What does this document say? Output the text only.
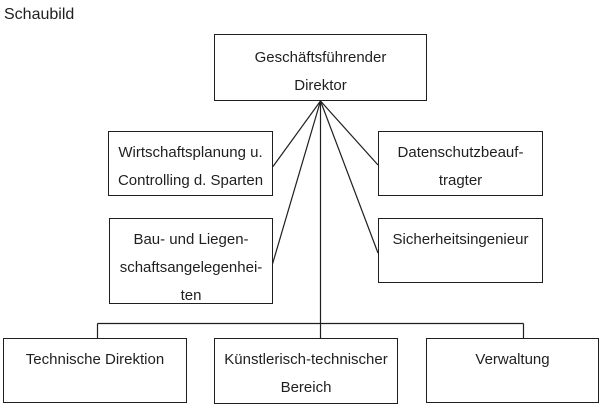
Schaubild
Geschäftsführender
Direktor
Wirtschaftsplanung u.
Controlling d. Sparten
Datenschutzbeauf-
tragter
Bau- und Liegen-
schaftsangelegenhei-
ten
Sicherheitsingenieur
Technische Direktion	Künstlerisch-technischer
Bereich
Verwaltung
